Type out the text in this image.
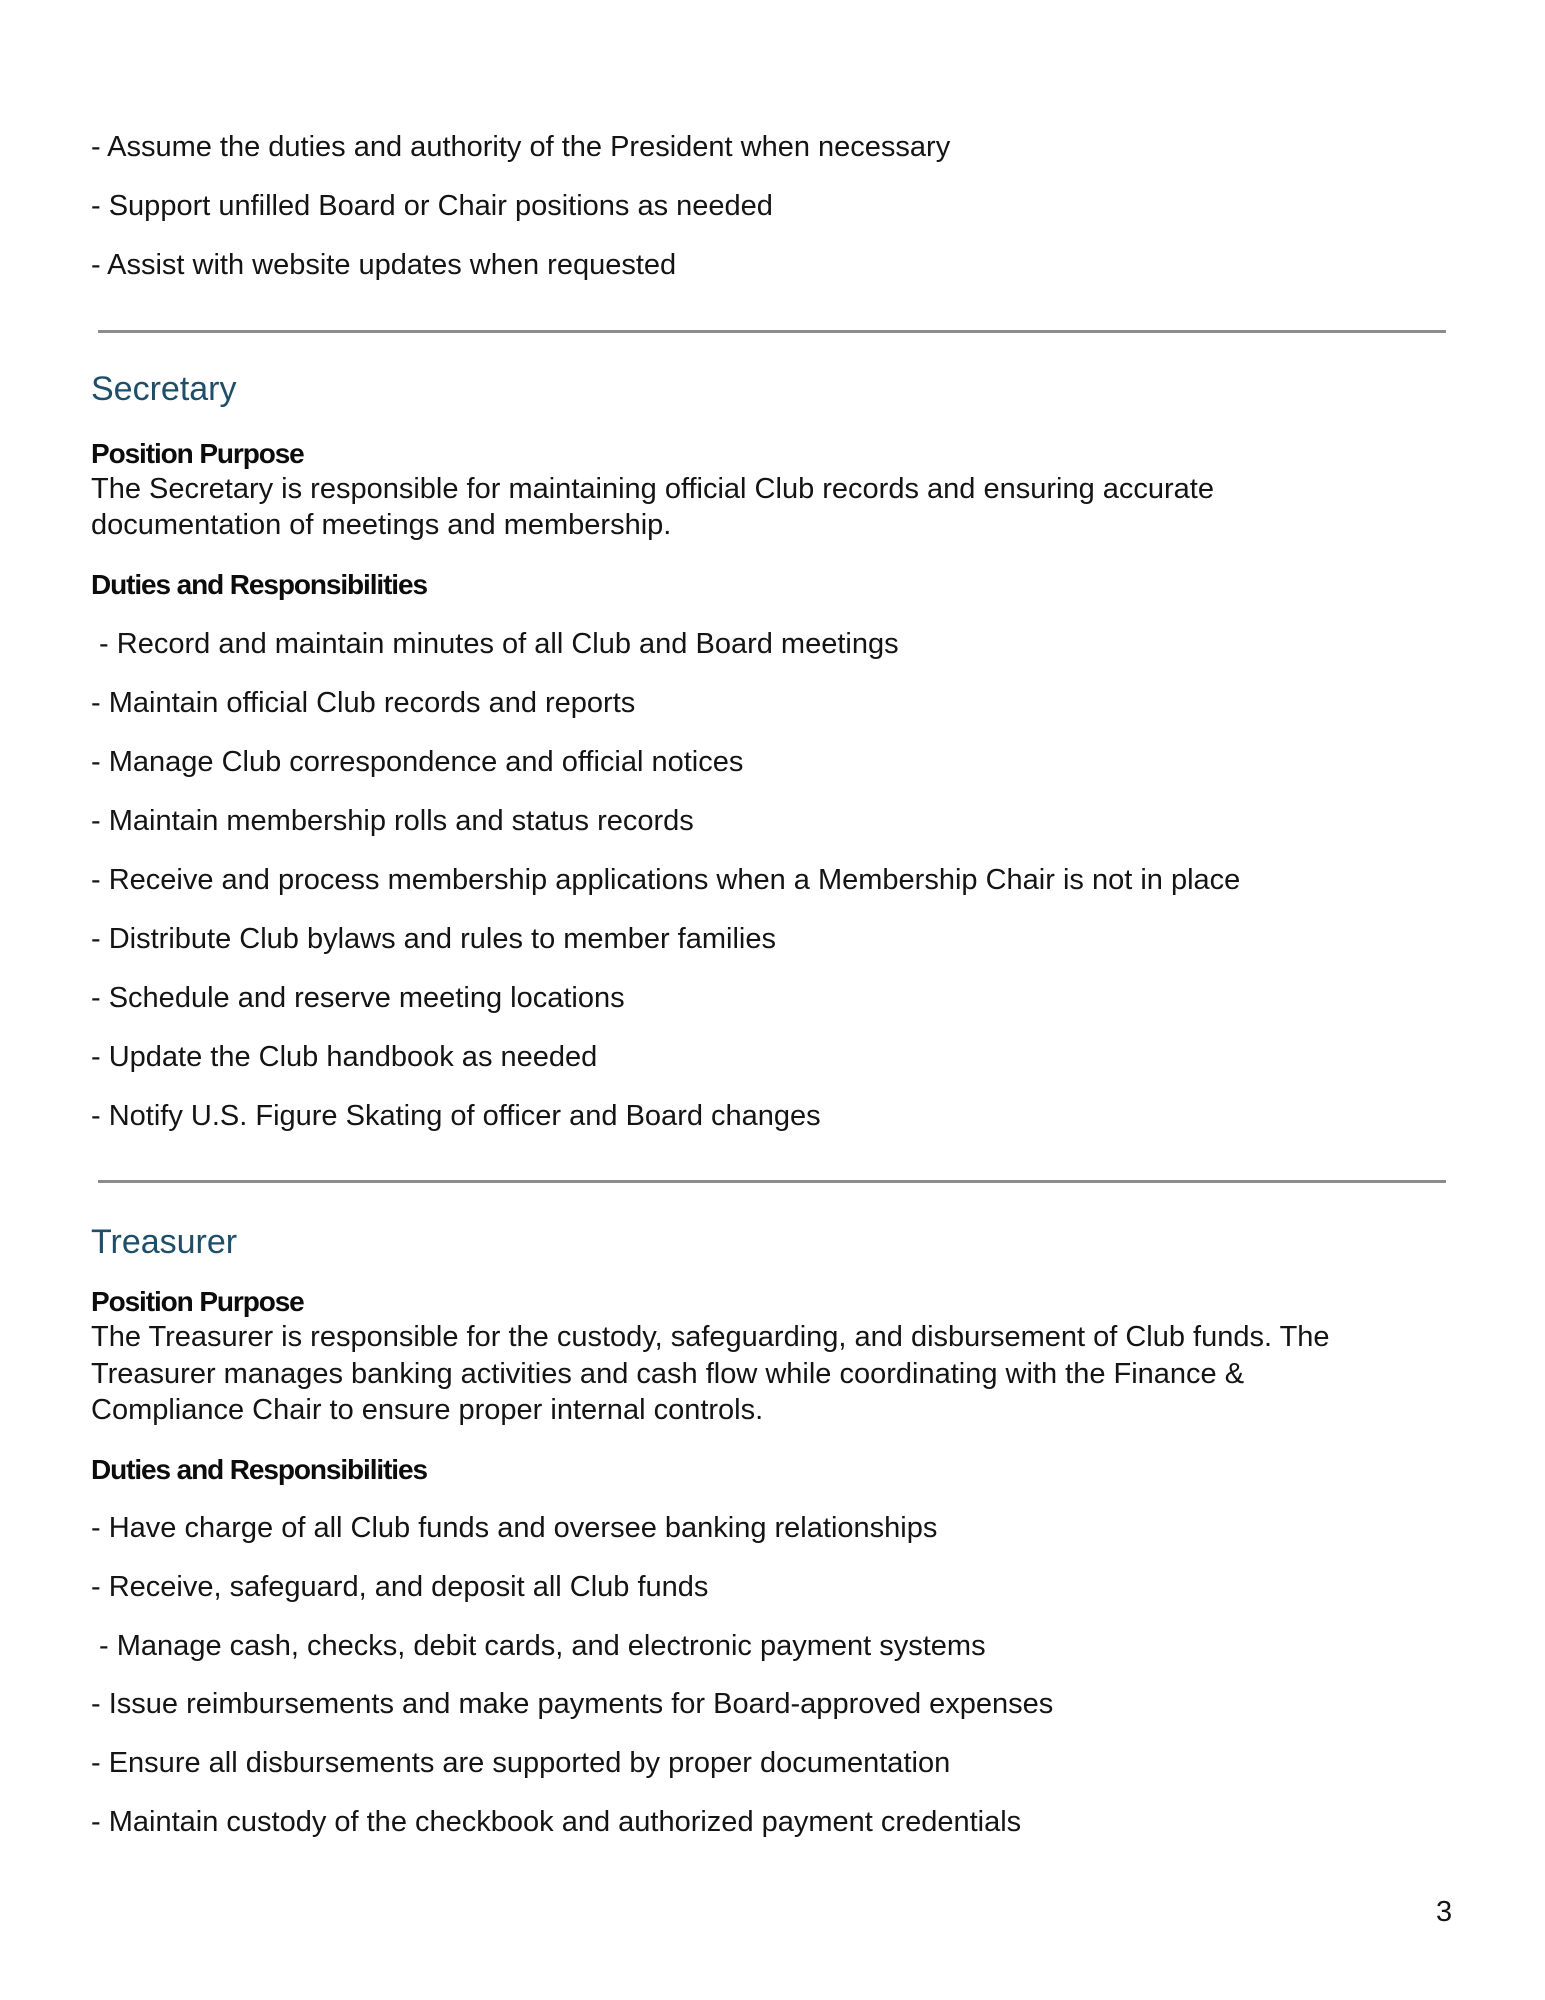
- Assume the duties and authority of the President when necessary
- Support unfilled Board or Chair positions as needed
- Assist with website updates when requested
Secretary
Position Purpose
The Secretary is responsible for maintaining official Club records and ensuring accurate
documentation of meetings and membership.
Duties and Responsibilities
- Record and maintain minutes of all Club and Board meetings
- Maintain official Club records and reports
- Manage Club correspondence and official notices
- Maintain membership rolls and status records
- Receive and process membership applications when a Membership Chair is not in place
- Distribute Club bylaws and rules to member families
- Schedule and reserve meeting locations
- Update the Club handbook as needed
- Notify U.S. Figure Skating of officer and Board changes
Treasurer
Position Purpose
The Treasurer is responsible for the custody, safeguarding, and disbursement of Club funds. The
Treasurer manages banking activities and cash flow while coordinating with the Finance &
Compliance Chair to ensure proper internal controls.
Duties and Responsibilities
- Have charge of all Club funds and oversee banking relationships
- Receive, safeguard, and deposit all Club funds
- Manage cash, checks, debit cards, and electronic payment systems
- Issue reimbursements and make payments for Board-approved expenses
- Ensure all disbursements are supported by proper documentation
- Maintain custody of the checkbook and authorized payment credentials
3
